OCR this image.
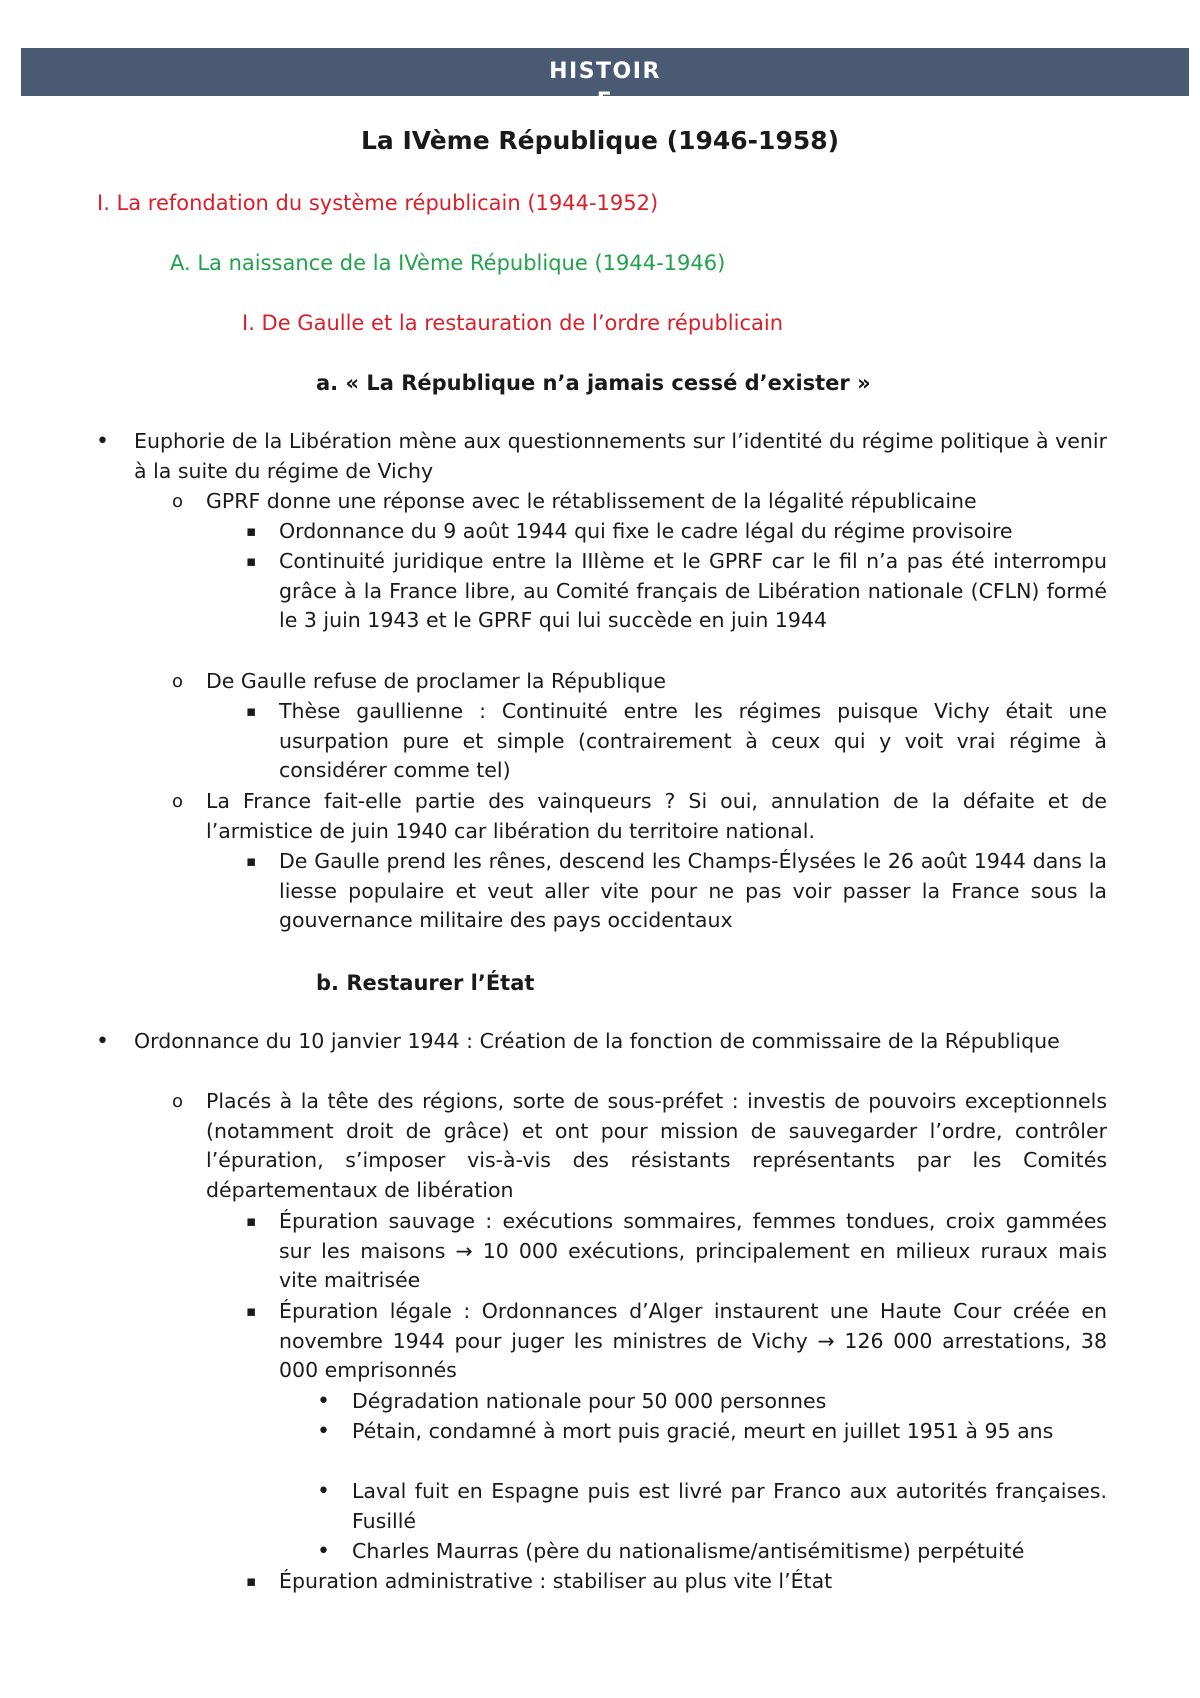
HISTOIR
E
La IVème République (1946-1958)
I. La refondation du système républicain (1944-1952)
A. La naissance de la IVème République (1944-1946)
I. De Gaulle et la restauration de l’ordre républicain
a. « La République n’a jamais cessé d’exister »
• Euphorie de la Libération mène aux questionnements sur l’identité du régime politique à venir à la suite du régime de Vichy
o GPRF donne une réponse avec le rétablissement de la légalité républicaine
▪ Ordonnance du 9 août 1944 qui fixe le cadre légal du régime provisoire
▪ Continuité juridique entre la IIIème et le GPRF car le fil n’a pas été interrompu grâce à la France libre, au Comité français de Libération nationale (CFLN) formé le 3 juin 1943 et le GPRF qui lui succède en juin 1944
o De Gaulle refuse de proclamer la République
▪ Thèse gaullienne : Continuité entre les régimes puisque Vichy était une usurpation pure et simple (contrairement à ceux qui y voit vrai régime à considérer comme tel)
o La France fait-elle partie des vainqueurs ? Si oui, annulation de la défaite et de l’armistice de juin 1940 car libération du territoire national.
▪ De Gaulle prend les rênes, descend les Champs-Élysées le 26 août 1944 dans la liesse populaire et veut aller vite pour ne pas voir passer la France sous la gouvernance militaire des pays occidentaux
b. Restaurer l’État
• Ordonnance du 10 janvier 1944 : Création de la fonction de commissaire de la République
o Placés à la tête des régions, sorte de sous-préfet : investis de pouvoirs exceptionnels (notamment droit de grâce) et ont pour mission de sauvegarder l’ordre, contrôler l’épuration, s’imposer vis-à-vis des résistants représentants par les Comités départementaux de libération
▪ Épuration sauvage : exécutions sommaires, femmes tondues, croix gammées sur les maisons → 10 000 exécutions, principalement en milieux ruraux mais vite maitrisée
▪ Épuration légale : Ordonnances d’Alger instaurent une Haute Cour créée en novembre 1944 pour juger les ministres de Vichy → 126 000 arrestations, 38 000 emprisonnés
• Dégradation nationale pour 50 000 personnes
• Pétain, condamné à mort puis gracié, meurt en juillet 1951 à 95 ans
• Laval fuit en Espagne puis est livré par Franco aux autorités françaises. Fusillé
• Charles Maurras (père du nationalisme/antisémitisme) perpétuité
▪ Épuration administrative : stabiliser au plus vite l’État
